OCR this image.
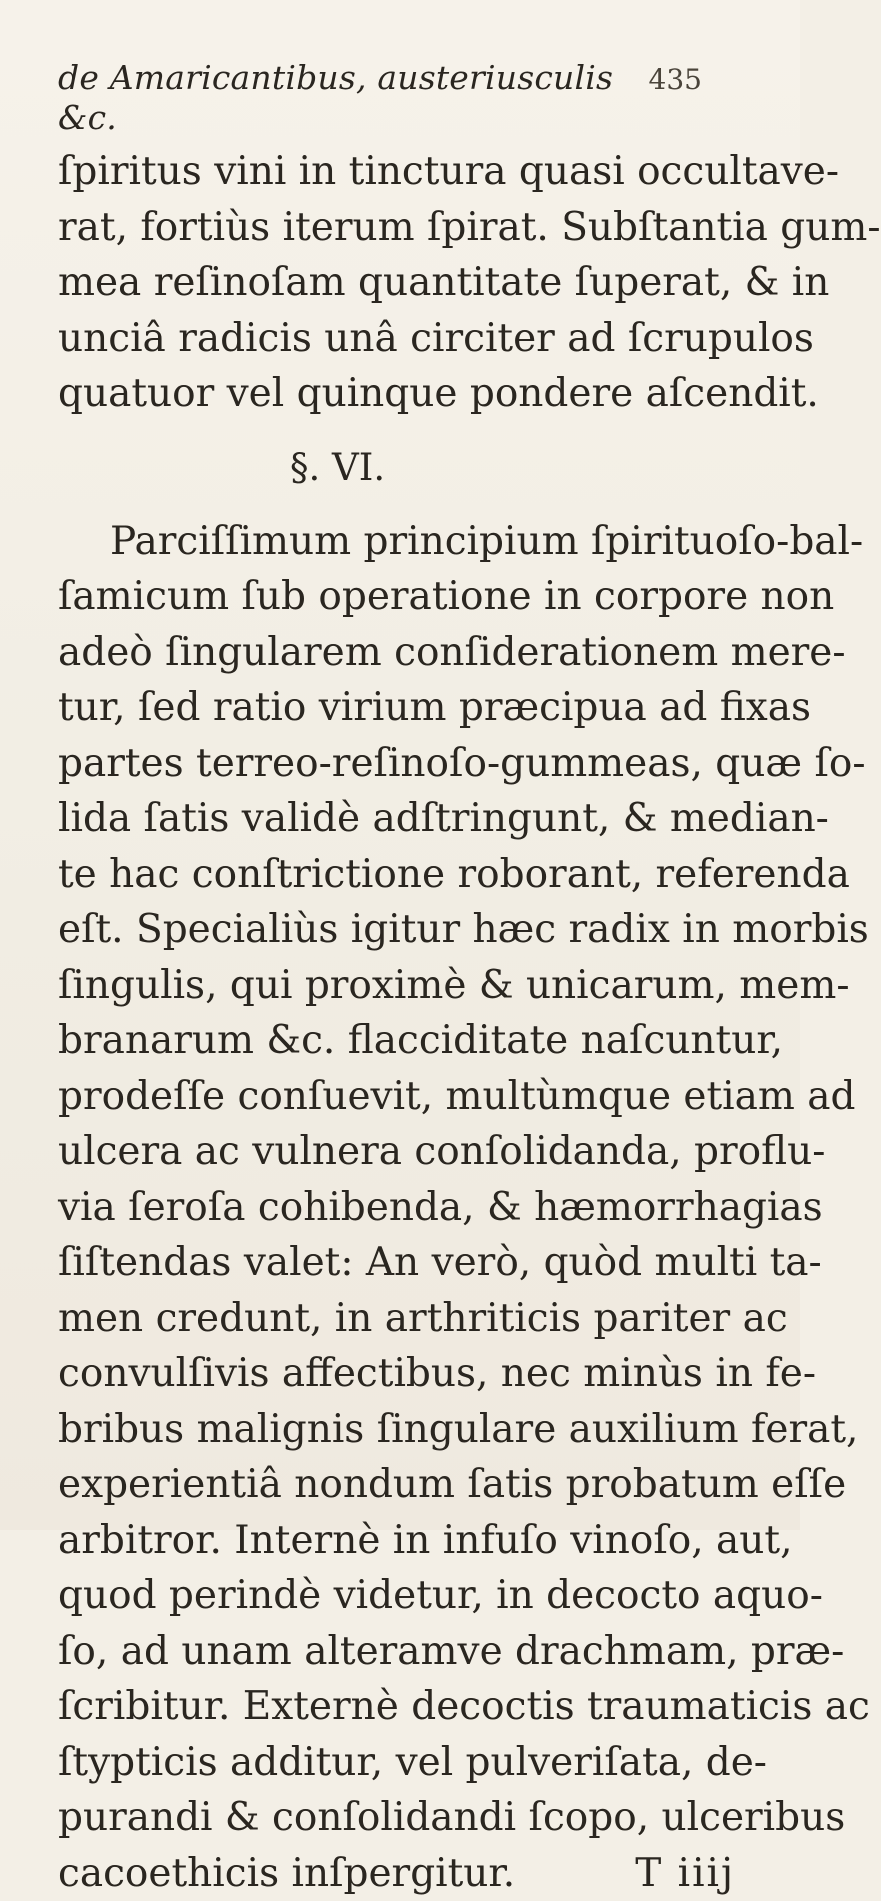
de Amaricantibus, austeriusculis &c.
435
ſpiritus vini in tinctura quasi occultave-
rat, fortiùs iterum ſpirat. Subſtantia gum-
mea reſinoſam quantitate ſuperat, & in
unciâ radicis unâ circiter ad ſcrupulos
quatuor vel quinque pondere aſcendit.
§. VI.
Parciſſimum principium ſpirituoſo-bal-
ſamicum ſub operatione in corpore non
adeò ſingularem conſiderationem mere-
tur, ſed ratio virium præcipua ad fixas
partes terreo-reſinoſo-gummeas, quæ ſo-
lida ſatis validè adſtringunt, & median-
te hac conſtrictione roborant, referenda
eſt. Specialiùs igitur hæc radix in morbis
ſingulis, qui proximè & unicarum, mem-
branarum &c. flacciditate naſcuntur,
prodeſſe conſuevit, multùmque etiam ad
ulcera ac vulnera conſolidanda, proflu-
via ſeroſa cohibenda, & hæmorrhagias
ſiſtendas valet: An verò, quòd multi ta-
men credunt, in arthriticis pariter ac
convulſivis affectibus, nec minùs in fe-
bribus malignis ſingulare auxilium ferat,
experientiâ nondum ſatis probatum eſſe
arbitror. Internè in infuſo vinoſo, aut,
quod perindè videtur, in decocto aquo-
ſo, ad unam alteramve drachmam, præ-
ſcribitur. Externè decoctis traumaticis ac
ſtypticis additur, vel pulveriſata, de-
purandi & conſolidandi ſcopo, ulceribus
cacoethicis inſpergitur.	T iiij
